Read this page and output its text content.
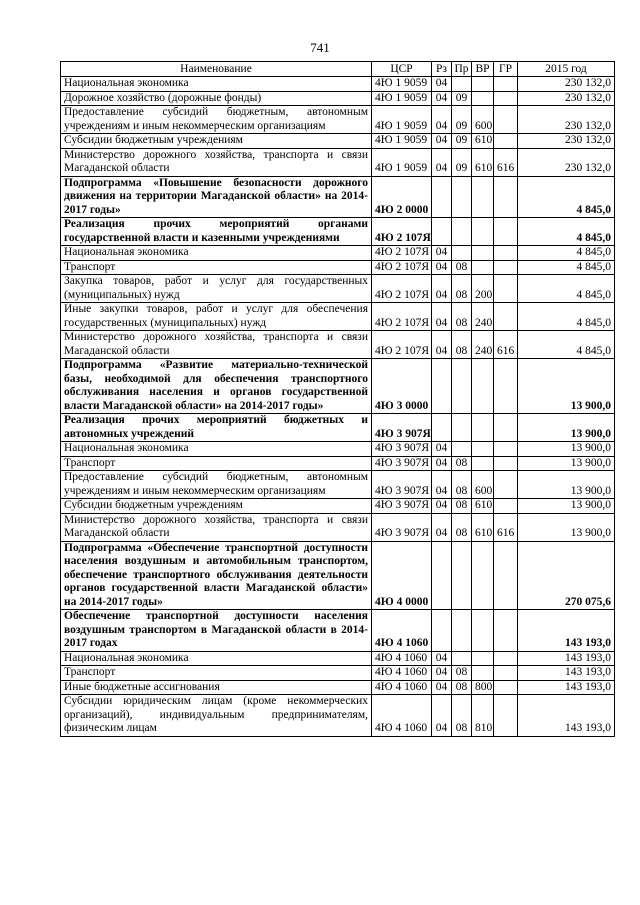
741
Наименование	ЦСР	Рз	Пр	ВР	ГР	2015 год
Национальная экономика	4Ю 1 9059	04				230 132,0
Дорожное хозяйство (дорожные фонды)	4Ю 1 9059	04	09			230 132,0
Предоставление субсидий бюджетным, автономным учреждениям и иным некоммерческим организациям	4Ю 1 9059	04	09	600		230 132,0
Субсидии бюджетным учреждениям	4Ю 1 9059	04	09	610		230 132,0
Министерство дорожного хозяйства, транспорта и связи Магаданской области	4Ю 1 9059	04	09	610	616	230 132,0
Подпрограмма «Повышение безопасности дорожного движения на территории Магаданской области» на 2014-2017 годы»	4Ю 2 0000					4 845,0
Реализация прочих мероприятий органами государственной власти и казенными учреждениями	4Ю 2 107Я					4 845,0
Национальная экономика	4Ю 2 107Я	04				4 845,0
Транспорт	4Ю 2 107Я	04	08			4 845,0
Закупка товаров, работ и услуг для государственных (муниципальных) нужд	4Ю 2 107Я	04	08	200		4 845,0
Иные закупки товаров, работ и услуг для обеспечения государственных (муниципальных) нужд	4Ю 2 107Я	04	08	240		4 845,0
Министерство дорожного хозяйства, транспорта и связи Магаданской области	4Ю 2 107Я	04	08	240	616	4 845,0
Подпрограмма «Развитие материально-технической базы, необходимой для обеспечения транспортного обслуживания населения и органов государственной власти Магаданской области» на 2014-2017 годы»	4Ю 3 0000					13 900,0
Реализация прочих мероприятий бюджетных и автономных учреждений	4Ю 3 907Я					13 900,0
Национальная экономика	4Ю 3 907Я	04				13 900,0
Транспорт	4Ю 3 907Я	04	08			13 900,0
Предоставление субсидий бюджетным, автономным учреждениям и иным некоммерческим организациям	4Ю 3 907Я	04	08	600		13 900,0
Субсидии бюджетным учреждениям	4Ю 3 907Я	04	08	610		13 900,0
Министерство дорожного хозяйства, транспорта и связи Магаданской области	4Ю 3 907Я	04	08	610	616	13 900,0
Подпрограмма «Обеспечение транспортной доступности населения воздушным и автомобильным транспортом, обеспечение транспортного обслуживания деятельности органов государственной власти Магаданской области» на 2014-2017 годы»	4Ю 4 0000					270 075,6
Обеспечение транспортной доступности населения воздушным транспортом в Магаданской области в 2014- 2017 годах	4Ю 4 1060					143 193,0
Национальная экономика	4Ю 4 1060	04				143 193,0
Транспорт	4Ю 4 1060	04	08			143 193,0
Иные бюджетные ассигнования	4Ю 4 1060	04	08	800		143 193,0
Субсидии юридическим лицам (кроме некоммерческих организаций), индивидуальным предпринимателям, физическим лицам	4Ю 4 1060	04	08	810		143 193,0
